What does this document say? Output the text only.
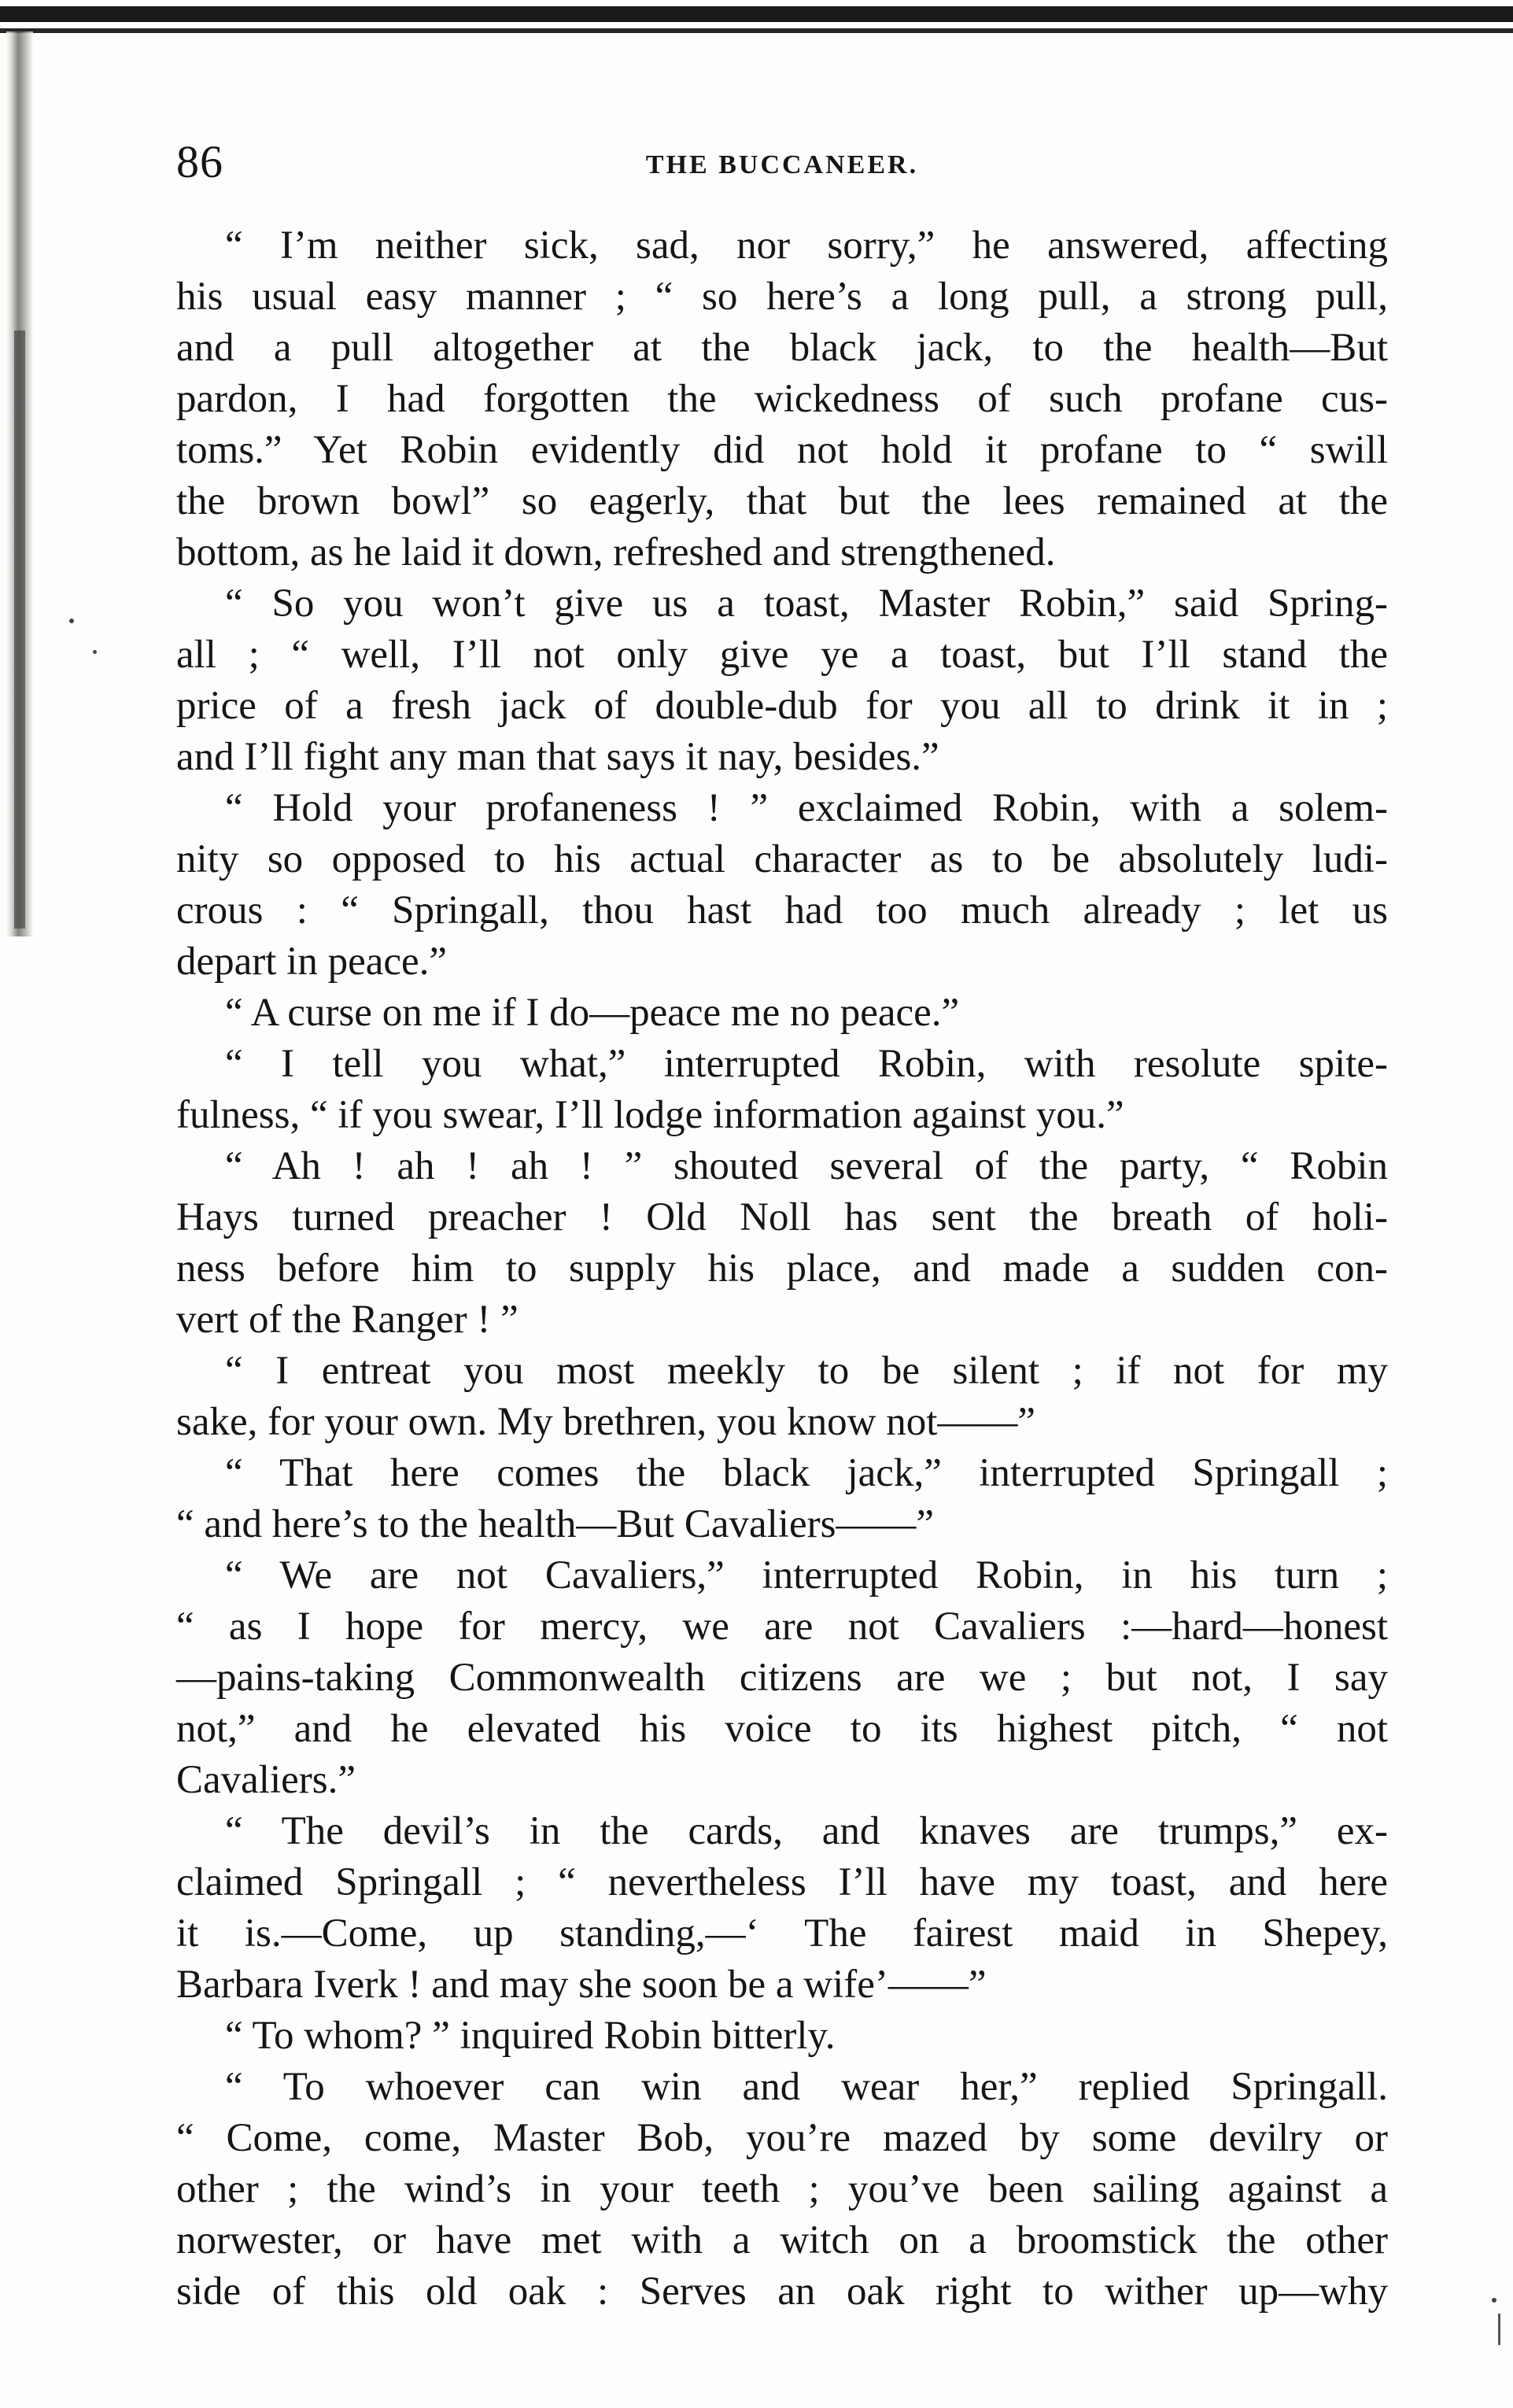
86	THE BUCCANEER.
“ I’m neither sick, sad, nor sorry,” he answered, affecting
his usual easy manner ; “ so here’s a long pull, a strong pull,
and a pull altogether at the black jack, to the health—But
pardon, I had forgotten the wickedness of such profane cus-
toms.” Yet Robin evidently did not hold it profane to “ swill
the brown bowl” so eagerly, that but the lees remained at the
bottom, as he laid it down, refreshed and strengthened.
“ So you won’t give us a toast, Master Robin,” said Spring-
all ; “ well, I’ll not only give ye a toast, but I’ll stand the
price of a fresh jack of double-dub for you all to drink it in ;
and I’ll fight any man that says it nay, besides.”
“ Hold your profaneness ! ” exclaimed Robin, with a solem-
nity so opposed to his actual character as to be absolutely ludi-
crous : “ Springall, thou hast had too much already ; let us
depart in peace.”
“ A curse on me if I do—peace me no peace.”
“ I tell you what,” interrupted Robin, with resolute spite-
fulness, “ if you swear, I’ll lodge information against you.”
“ Ah ! ah ! ah ! ” shouted several of the party, “ Robin
Hays turned preacher ! Old Noll has sent the breath of holi-
ness before him to supply his place, and made a sudden con-
vert of the Ranger ! ”
“ I entreat you most meekly to be silent ; if not for my
sake, for your own. My brethren, you know not——”
“ That here comes the black jack,” interrupted Springall ;
“ and here’s to the health—But Cavaliers——”
“ We are not Cavaliers,” interrupted Robin, in his turn ;
“ as I hope for mercy, we are not Cavaliers :—hard—honest
—pains-taking Commonwealth citizens are we ; but not, I say
not,” and he elevated his voice to its highest pitch, “ not
Cavaliers.”
“ The devil’s in the cards, and knaves are trumps,” ex-
claimed Springall ; “ nevertheless I’ll have my toast, and here
it is.—Come, up standing,—‘ The fairest maid in Shepey,
Barbara Iverk ! and may she soon be a wife’——”
“ To whom? ” inquired Robin bitterly.
“ To whoever can win and wear her,” replied Springall.
“ Come, come, Master Bob, you’re mazed by some devilry or
other ; the wind’s in your teeth ; you’ve been sailing against a
norwester, or have met with a witch on a broomstick the other
side of this old oak : Serves an oak right to wither up—why
